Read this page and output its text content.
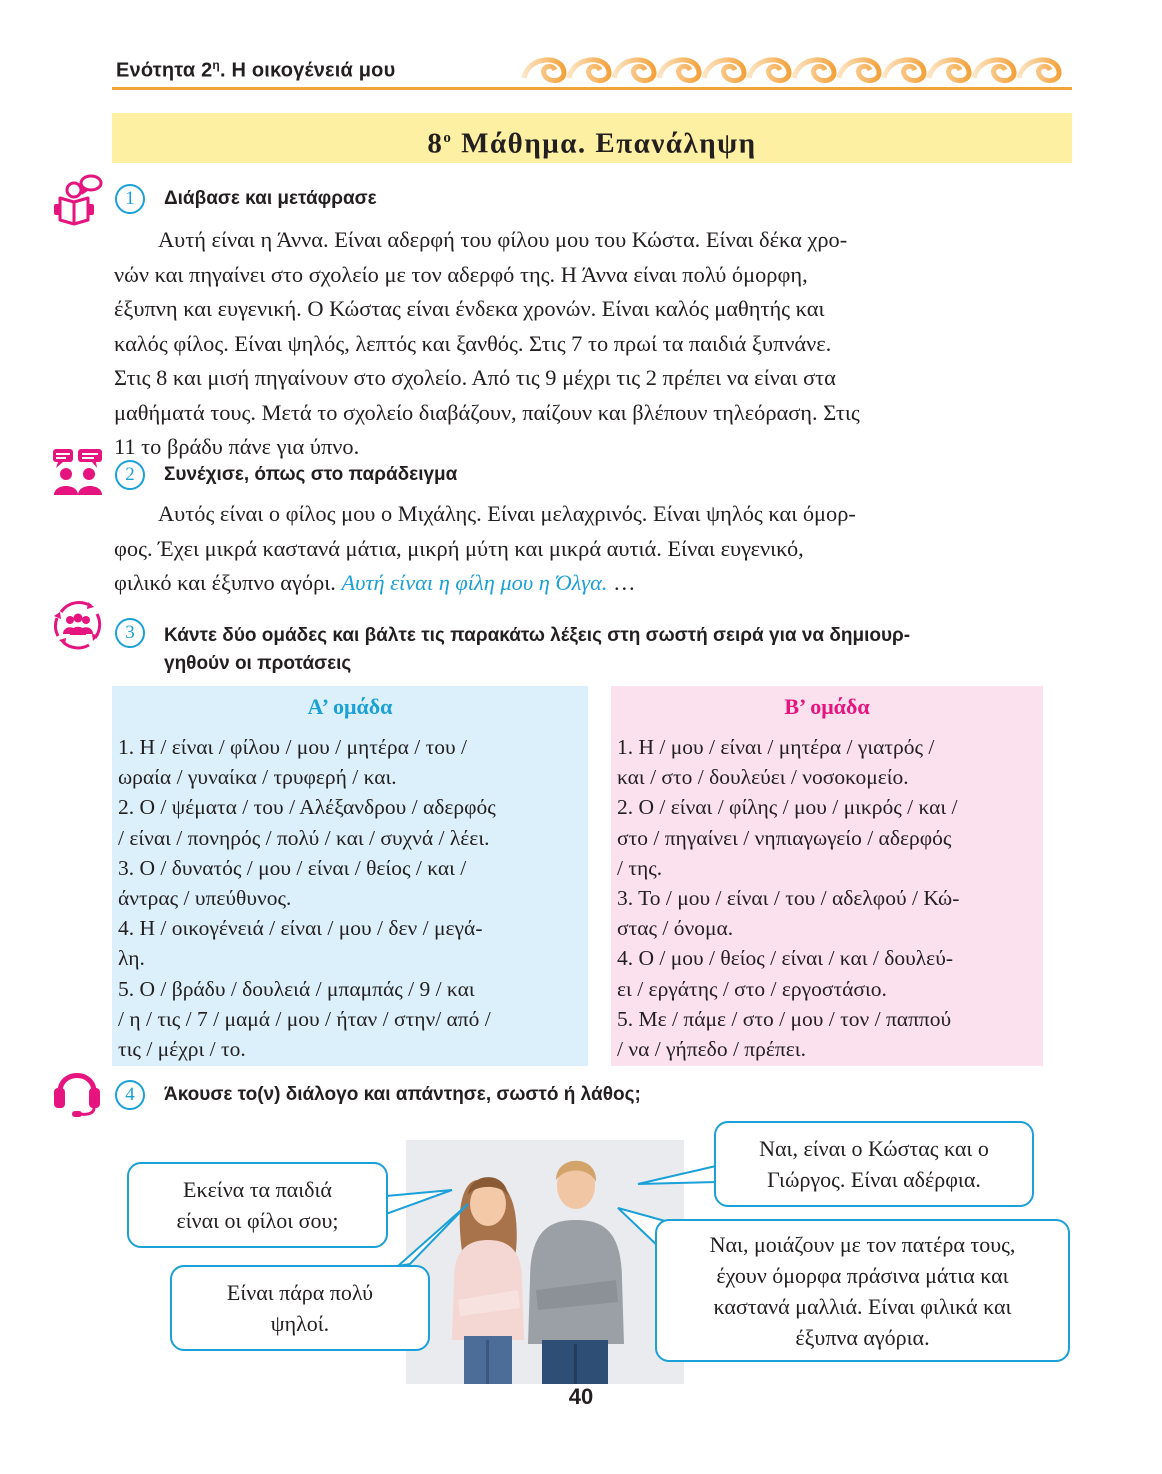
Ενότητα $2^\eta$. Η οικογένειά μου
$8^o$ Μάθημα. Επανάληψη
1	Διάβασε και μετάφρασε
Αυτή είναι η Άννα. Είναι αδερφή του φίλου μου του Κώστα. Είναι δέκα χρο-
νών και πηγαίνει στο σχολείο με τον αδερφό της. Η Άννα είναι πολύ όμορφη,
έξυπνη και ευγενική. Ο Κώστας είναι ένδεκα χρονών. Είναι καλός μαθητής και
καλός φίλος. Είναι ψηλός, λεπτός και ξανθός. Στις 7 το πρωί τα παιδιά ξυπνάνε.
Στις 8 και μισή πηγαίνουν στο σχολείο. Από τις 9 μέχρι τις 2 πρέπει να είναι στα
μαθήματά τους. Μετά το σχολείο διαβάζουν, παίζουν και βλέπουν τηλεόραση. Στις
11 το βράδυ πάνε για ύπνο.
2	Συνέχισε, όπως στο παράδειγμα
Αυτός είναι ο φίλος μου ο Μιχάλης. Είναι μελαχρινός. Είναι ψηλός και όμορ-
φος. Έχει μικρά καστανά μάτια, μικρή μύτη και μικρά αυτιά. Είναι ευγενικό,
φιλικό και έξυπνο αγόρι. Αυτή είναι η φίλη μου η Όλγα. …
3	Κάντε δύο ομάδες και βάλτε τις παρακάτω λέξεις στη σωστή σειρά για να δημιουρ-
γηθούν οι προτάσεις
Α’ ομάδα
1. Η / είναι / φίλου / μου / μητέρα / του /
ωραία / γυναίκα / τρυφερή / και.
2. Ο / ψέματα / του / Αλέξανδρου / αδερφός
/ είναι / πονηρός / πολύ / και / συχνά / λέει.
3. Ο / δυνατός / μου / είναι / θείος / και /
άντρας / υπεύθυνος.
4. Η / οικογένειά / είναι / μου / δεν / μεγά-
λη.
5. Ο / βράδυ / δουλειά / μπαμπάς / 9 / και
/ η / τις / 7 / μαμά / μου / ήταν / στην/ από /
τις / μέχρι / το.
Β’ ομάδα
1. Η / μου / είναι / μητέρα / γιατρός /
και / στο / δουλεύει / νοσοκομείο.
2. Ο / είναι / φίλης / μου / μικρός / και /
στο / πηγαίνει / νηπιαγωγείο / αδερφός
/ της.
3. Το / μου / είναι / του / αδελφού / Κώ-
στας / όνομα.
4. Ο / μου / θείος / είναι / και / δουλεύ-
ει / εργάτης / στο / εργοστάσιο.
5. Με / πάμε / στο / μου / τον / παππού
/ να / γήπεδο / πρέπει.
4	Άκουσε το(ν) διάλογο και απάντησε, σωστό ή λάθος;
Εκείνα τα παιδιά
είναι οι φίλοι σου;
Ναι, είναι ο Κώστας και ο
Γιώργος. Είναι αδέρφια.
Είναι πάρα πολύ
ψηλοί.
Ναι, μοιάζουν με τον πατέρα τους,
έχουν όμορφα πράσινα μάτια και
καστανά μαλλιά. Είναι φιλικά και
έξυπνα αγόρια.
40
